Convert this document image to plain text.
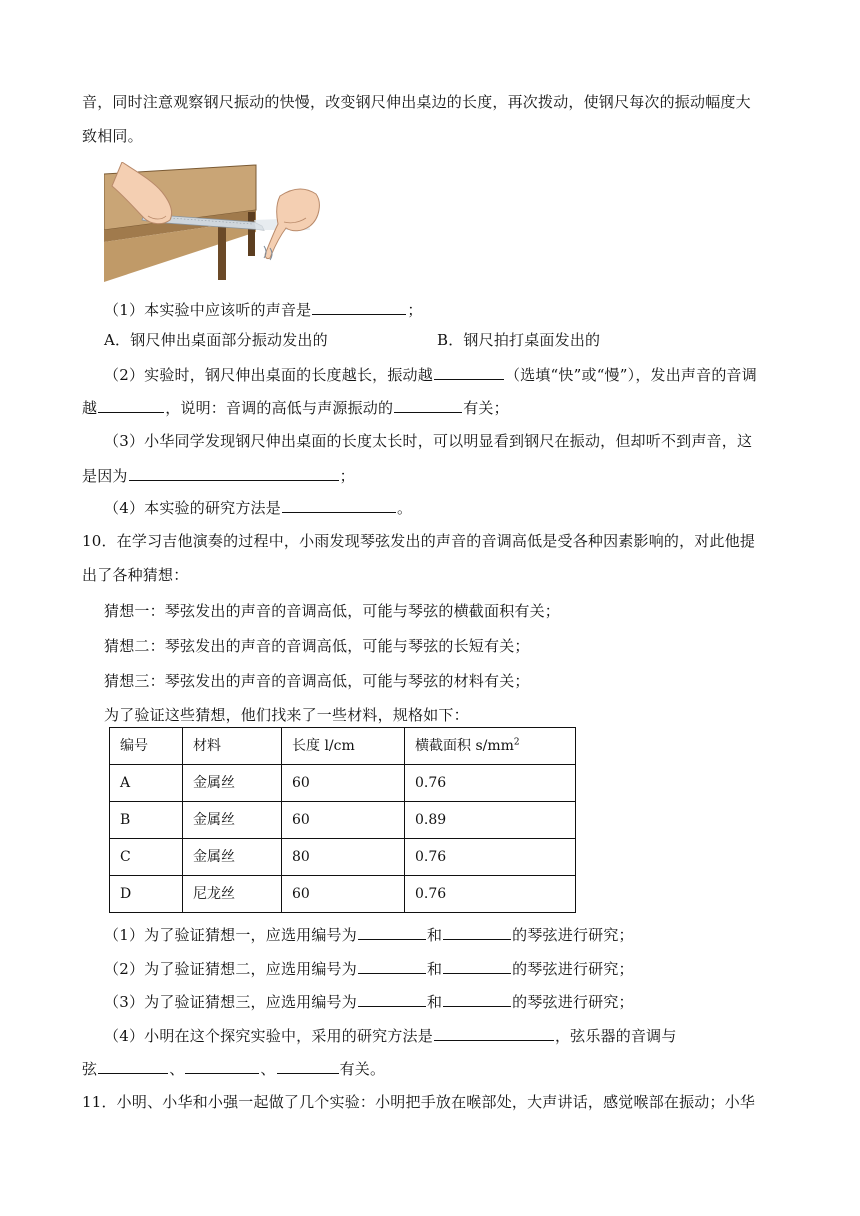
音，同时注意观察钢尺振动的快慢，改变钢尺伸出桌边的长度，再次拨动，使钢尺每次的振动幅度大
致相同。
（1）本实验中应该听的声音是	；
A．钢尺伸出桌面部分振动发出的	B．钢尺拍打桌面发出的
（2）实验时，钢尺伸出桌面的长度越长，振动越	（选填“快”或“慢”），发出声音的音调
越	，说明：音调的高低与声源振动的	有关；
（3）小华同学发现钢尺伸出桌面的长度太长时，可以明显看到钢尺在振动，但却听不到声音，这
是因为	；
（4）本实验的研究方法是	。
10．在学习吉他演奏的过程中，小雨发现琴弦发出的声音的音调高低是受各种因素影响的，对此他提
出了各种猜想：
猜想一：琴弦发出的声音的音调高低，可能与琴弦的横截面积有关；
猜想二：琴弦发出的声音的音调高低，可能与琴弦的长短有关；
猜想三：琴弦发出的声音的音调高低，可能与琴弦的材料有关；
为了验证这些猜想，他们找来了一些材料，规格如下：
编号	材料	长度 l/cm	横截面积 $s/mm^2$
A	金属丝	60	0.76
B	金属丝	60	0.89
C	金属丝	80	0.76
D	尼龙丝	60	0.76
（1）为了验证猜想一，应选用编号为	和	的琴弦进行研究；
（2）为了验证猜想二，应选用编号为	和	的琴弦进行研究；
（3）为了验证猜想三，应选用编号为	和	的琴弦进行研究；
（4）小明在这个探究实验中，采用的研究方法是	，弦乐器的音调与
弦	、	、	有关。
11．小明、小华和小强一起做了几个实验：小明把手放在喉部处，大声讲话，感觉喉部在振动；小华
